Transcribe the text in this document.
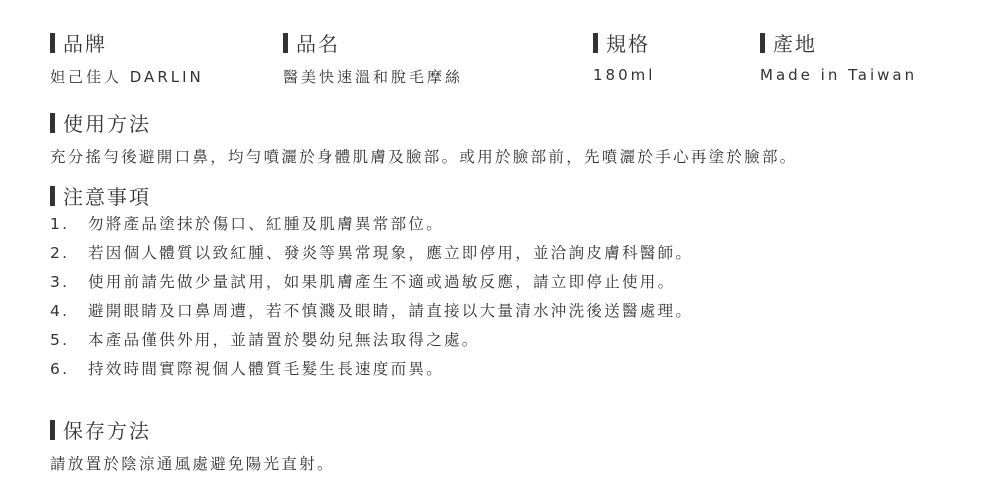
品牌	品名	規格	產地
妲己佳人 DARLIN	醫美快速溫和脫毛摩絲	180ml	Made in Taiwan
使用方法
充分搖勻後避開口鼻，均勻噴灑於身體肌膚及臉部。或用於臉部前，先噴灑於手心再塗於臉部。
注意事項
1. 勿將產品塗抹於傷口、紅腫及肌膚異常部位。
2. 若因個人體質以致紅腫、發炎等異常現象，應立即停用，並洽詢皮膚科醫師。
3. 使用前請先做少量試用，如果肌膚產生不適或過敏反應，請立即停止使用。
4. 避開眼睛及口鼻周遭，若不慎濺及眼睛，請直接以大量清水沖洗後送醫處理。
5. 本產品僅供外用，並請置於嬰幼兒無法取得之處。
6. 持效時間實際視個人體質毛髮生長速度而異。
保存方法
請放置於陰涼通風處避免陽光直射。
